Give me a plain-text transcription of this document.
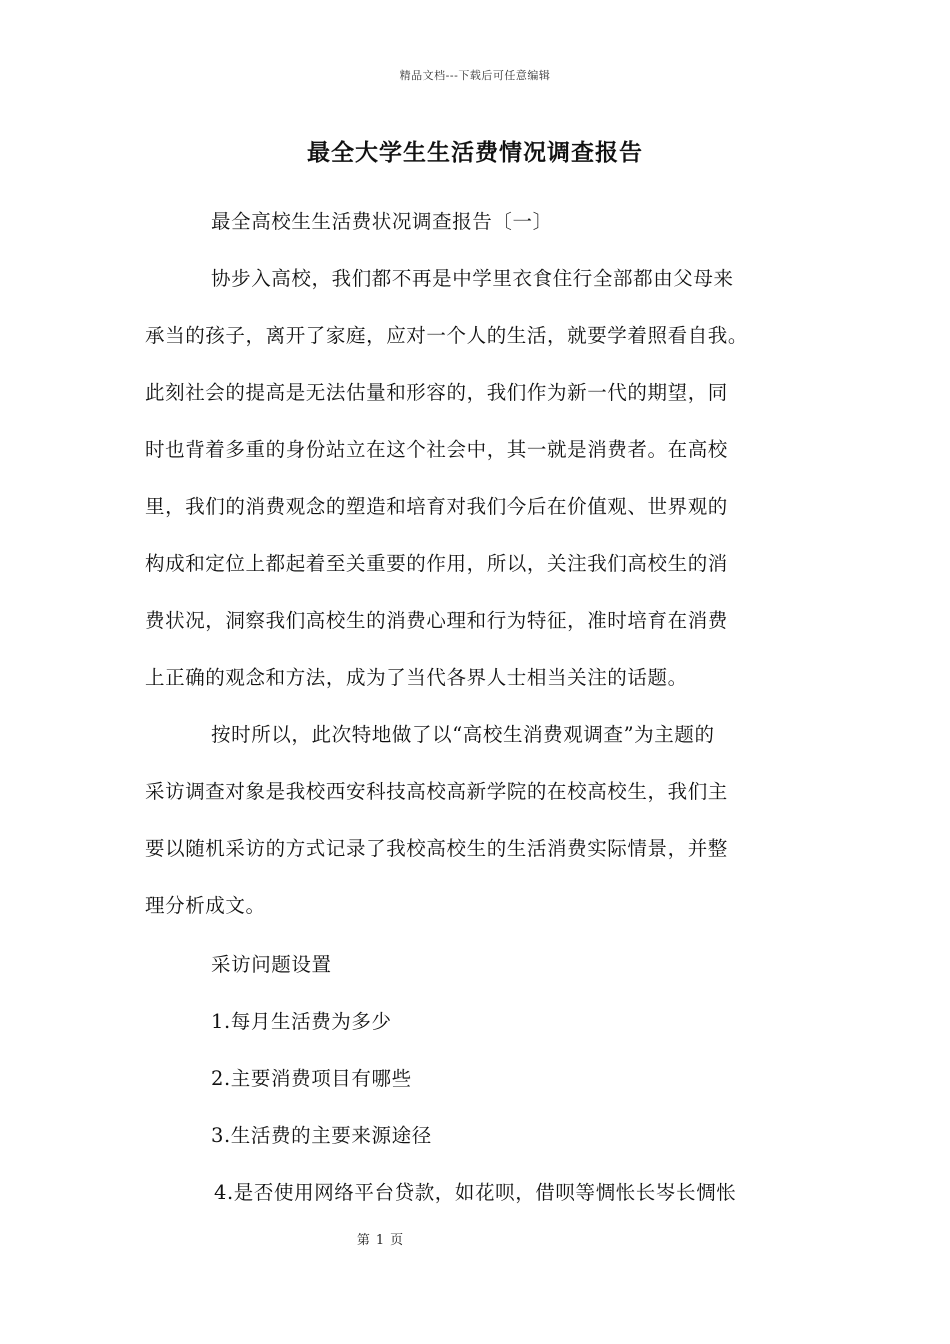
精品文档---下载后可任意编辑
最全大学生生活费情况调查报告
最全高校生生活费状况调查报告〔一〕
协步入高校，我们都不再是中学里衣食住行全部都由父母来
承当的孩子，离开了家庭，应对一个人的生活，就要学着照看自我。
此刻社会的提高是无法估量和形容的，我们作为新一代的期望，同
时也背着多重的身份站立在这个社会中，其一就是消费者。在高校
里，我们的消费观念的塑造和培育对我们今后在价值观、世界观的
构成和定位上都起着至关重要的作用，所以，关注我们高校生的消
费状况，洞察我们高校生的消费心理和行为特征，准时培育在消费
上正确的观念和方法，成为了当代各界人士相当关注的话题。
按时所以，此次特地做了以“高校生消费观调查”为主题的
采访调查对象是我校西安科技高校高新学院的在校高校生，我们主
要以随机采访的方式记录了我校高校生的生活消费实际情景，并整
理分析成文。
采访问题设置
1.每月生活费为多少
2.主要消费项目有哪些
3.生活费的主要来源途径
4.是否使用网络平台贷款，如花呗，借呗等惆怅长岑长惆怅
第 1 页
